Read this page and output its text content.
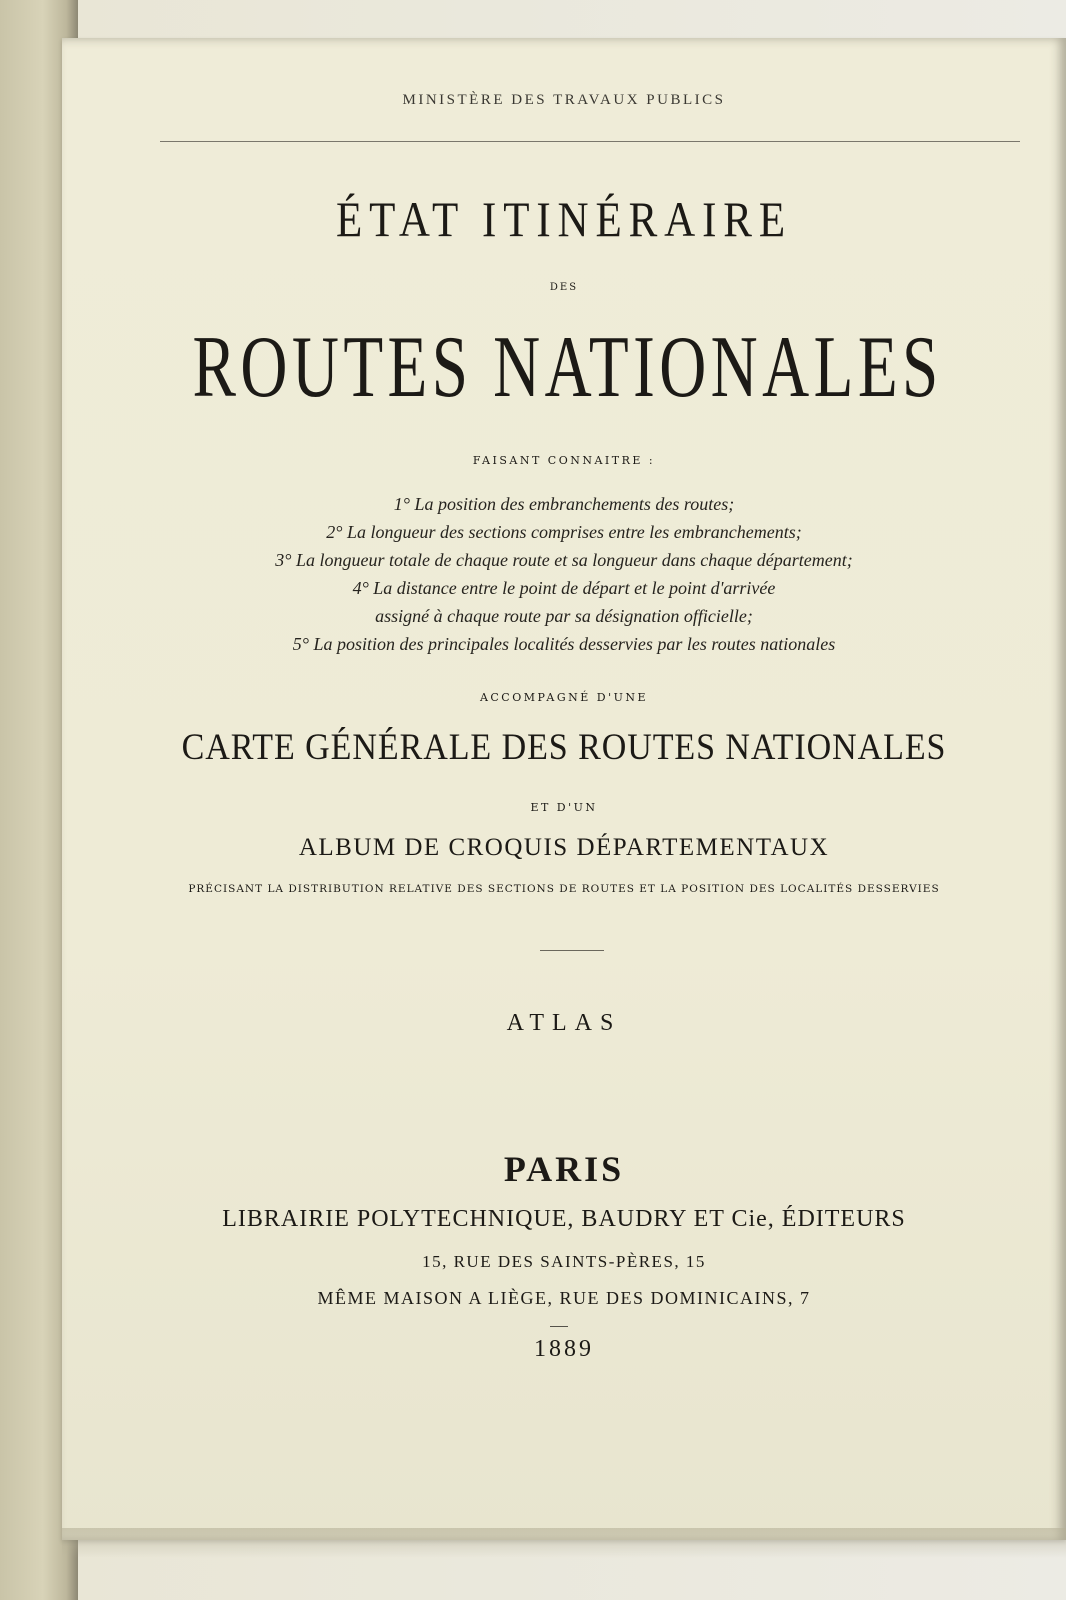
MINISTÈRE DES TRAVAUX PUBLICS
ÉTAT ITINÉRAIRE
DES
ROUTES NATIONALES
FAISANT CONNAITRE :
1° La position des embranchements des routes;
2° La longueur des sections comprises entre les embranchements;
3° La longueur totale de chaque route et sa longueur dans chaque département;
4° La distance entre le point de départ et le point d'arrivée
assigné à chaque route par sa désignation officielle;
5° La position des principales localités desservies par les routes nationales
ACCOMPAGNÉ D'UNE
CARTE GÉNÉRALE DES ROUTES NATIONALES
ET D'UN
ALBUM DE CROQUIS DÉPARTEMENTAUX
PRÉCISANT LA DISTRIBUTION RELATIVE DES SECTIONS DE ROUTES ET LA POSITION DES LOCALITÉS DESSERVIES
ATLAS
PARIS
LIBRAIRIE POLYTECHNIQUE, BAUDRY ET Cie, ÉDITEURS
15, RUE DES SAINTS-PÈRES, 15
MÊME MAISON A LIÈGE, RUE DES DOMINICAINS, 7
1889
